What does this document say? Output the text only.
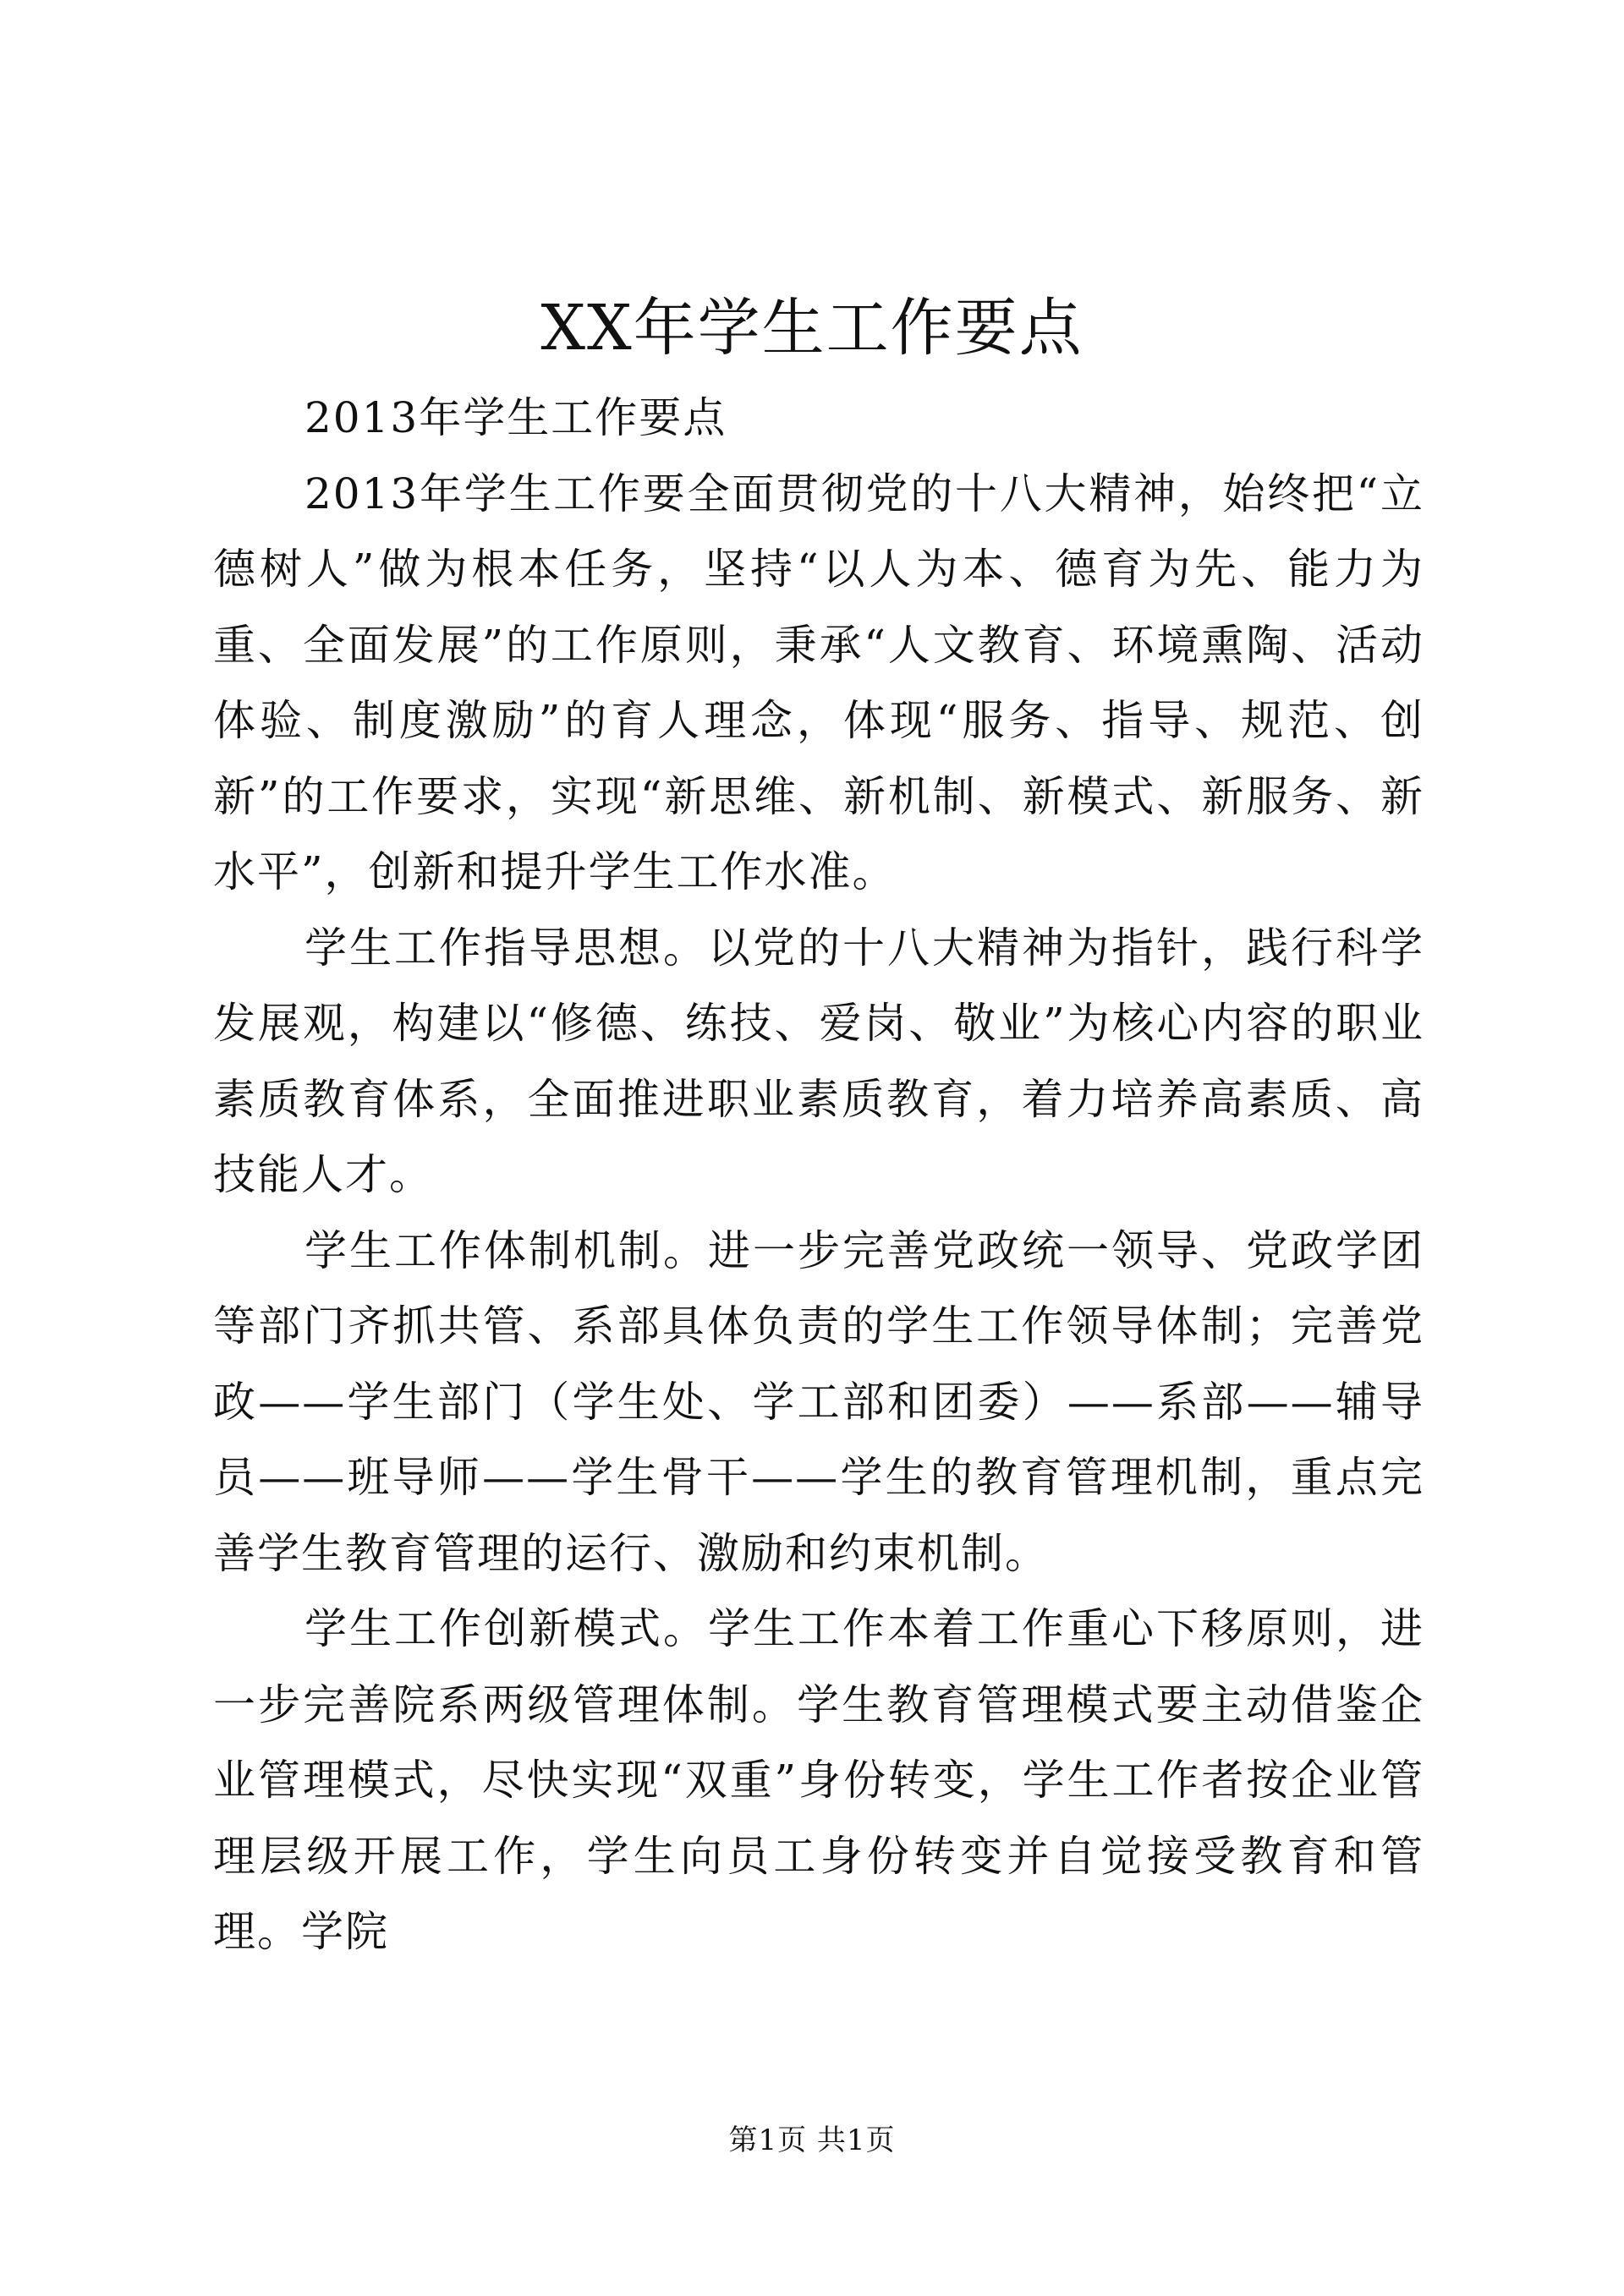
XX年学生工作要点

2013年学生工作要点

2013年学生工作要全面贯彻党的十八大精神，始终把“立德树人”做为根本任务，坚持“以人为本、德育为先、能力为重、全面发展”的工作原则，秉承“人文教育、环境熏陶、活动体验、制度激励”的育人理念，体现“服务、指导、规范、创新”的工作要求，实现“新思维、新机制、新模式、新服务、新水平”，创新和提升学生工作水准。

学生工作指导思想。以党的十八大精神为指针，践行科学发展观，构建以“修德、练技、爱岗、敬业”为核心内容的职业素质教育体系，全面推进职业素质教育，着力培养高素质、高技能人才。

学生工作体制机制。进一步完善党政统一领导、党政学团等部门齐抓共管、系部具体负责的学生工作领导体制；完善党政——学生部门（学生处、学工部和团委）——系部——辅导员——班导师——学生骨干——学生的教育管理机制，重点完善学生教育管理的运行、激励和约束机制。

学生工作创新模式。学生工作本着工作重心下移原则，进一步完善院系两级管理体制。学生教育管理模式要主动借鉴企业管理模式，尽快实现“双重”身份转变，学生工作者按企业管理层级开展工作，学生向员工身份转变并自觉接受教育和管理。学院

第1页 共1页
